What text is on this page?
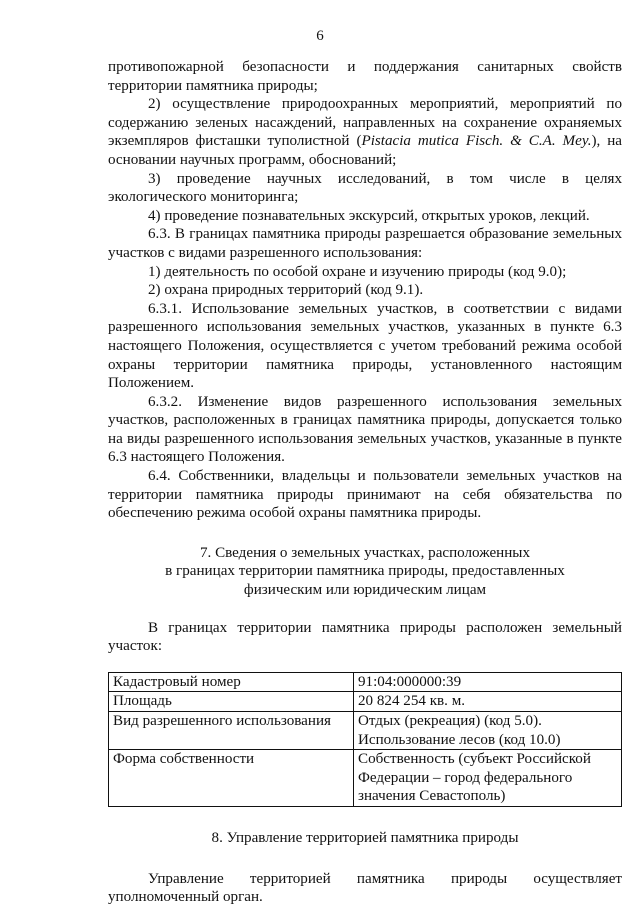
6

противопожарной безопасности и поддержания санитарных свойств территории памятника природы;

2) осуществление природоохранных мероприятий, мероприятий по содержанию зеленых насаждений, направленных на сохранение охраняемых экземпляров фисташки туполистной (Pistacia mutica Fisch. & C.A. Mey.), на основании научных программ, обоснований;

3) проведение научных исследований, в том числе в целях экологического мониторинга;

4) проведение познавательных экскурсий, открытых уроков, лекций.

6.3. В границах памятника природы разрешается образование земельных участков с видами разрешенного использования:

1) деятельность по особой охране и изучению природы (код 9.0);

2) охрана природных территорий (код 9.1).

6.3.1. Использование земельных участков, в соответствии с видами разрешенного использования земельных участков, указанных в пункте 6.3 настоящего Положения, осуществляется с учетом требований режима особой охраны территории памятника природы, установленного настоящим Положением.

6.3.2. Изменение видов разрешенного использования земельных участков, расположенных в границах памятника природы, допускается только на виды разрешенного использования земельных участков, указанные в пункте 6.3 настоящего Положения.

6.4. Собственники, владельцы и пользователи земельных участков на территории памятника природы принимают на себя обязательства по обеспечению режима особой охраны памятника природы.

7. Сведения о земельных участках, расположенных
в границах территории памятника природы, предоставленных
физическим или юридическим лицам

В границах территории памятника природы расположен земельный участок:

Кадастровый номер	91:04:000000:39

Площадь	20 824 254 кв. м.

Вид разрешенного использования	Отдых (рекреация) (код 5.0).
Использование лесов (код 10.0)

Форма собственности	Собственность (субъект Российской
Федерации – город федерального
значения Севастополь)
8. Управление территорией памятника природы

Управление территорией памятника природы осуществляет уполномоченный орган.
